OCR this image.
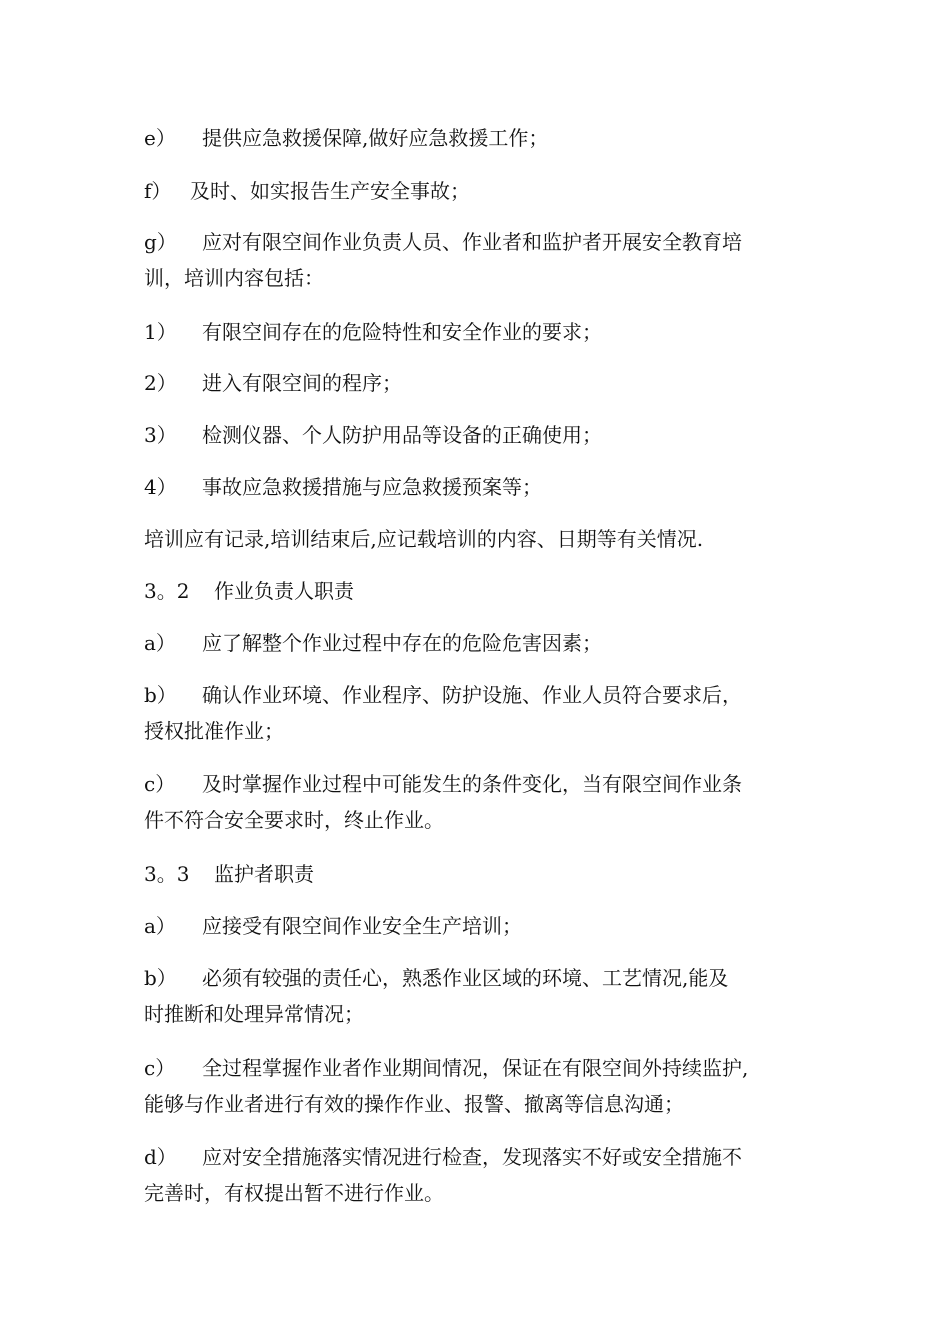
e） 提供应急救援保障,做好应急救援工作；
f） 及时、如实报告生产安全事故；
g） 应对有限空间作业负责人员、作业者和监护者开展安全教育培
训，培训内容包括：
1） 有限空间存在的危险特性和安全作业的要求；
2） 进入有限空间的程序；
3） 检测仪器、个人防护用品等设备的正确使用；
4） 事故应急救援措施与应急救援预案等；
培训应有记录,培训结束后,应记载培训的内容、日期等有关情况.
3。2 作业负责人职责
a） 应了解整个作业过程中存在的危险危害因素；
b） 确认作业环境、作业程序、防护设施、作业人员符合要求后，
授权批准作业；
c） 及时掌握作业过程中可能发生的条件变化，当有限空间作业条
件不符合安全要求时，终止作业。
3。3 监护者职责
a） 应接受有限空间作业安全生产培训；
b） 必须有较强的责任心，熟悉作业区域的环境、工艺情况,能及
时推断和处理异常情况；
c） 全过程掌握作业者作业期间情况，保证在有限空间外持续监护,
能够与作业者进行有效的操作作业、报警、撤离等信息沟通；
d） 应对安全措施落实情况进行检查，发现落实不好或安全措施不
完善时，有权提出暂不进行作业。
